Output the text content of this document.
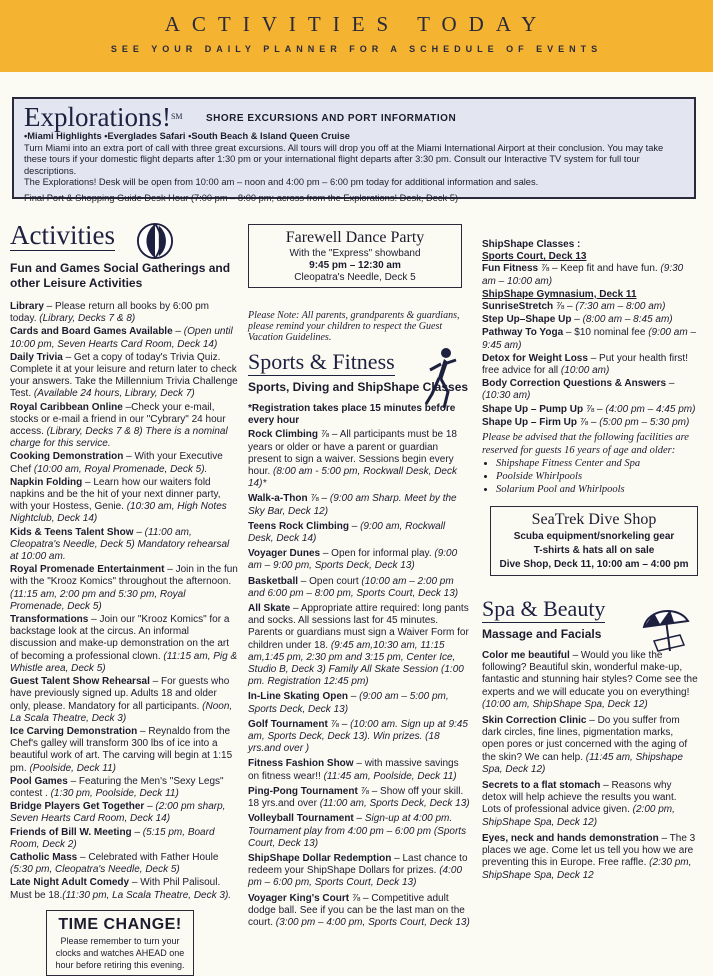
ACTIVITIES TODAY
SEE YOUR DAILY PLANNER FOR A SCHEDULE OF EVENTS
Explorations!℠	SHORE EXCURSIONS AND PORT INFORMATION

•Miami Highlights •Everglades Safari •South Beach & Island Queen Cruise

Turn Miami into an extra port of call with three great excursions. All tours will drop you off at the Miami International Airport at their conclusion. You may take these tours if your domestic flight departs after 1:30 pm or your international flight departs after 3:30 pm. Consult our Interactive TV system for full tour descriptions.

The Explorations! Desk will be open from 10:00 am – noon and 4:00 pm – 6:00 pm today for additional information and sales.

Final Port & Shopping Guide Desk Hour (7:00 pm – 8:00 pm; across from the Explorations! Desk, Deck 5)

Activities
Fun and Games Social Gatherings and other Leisure Activities
Library – Please return all books by 6:00 pm today. (Library, Decks 7 & 8)
Cards and Board Games Available – (Open until 10:00 pm, Seven Hearts Card Room, Deck 14)
Daily Trivia – Get a copy of today's Trivia Quiz. Complete it at your leisure and return later to check your answers. Take the Millennium Trivia Challenge Test. (Available 24 hours, Library, Deck 7)
Royal Caribbean Online –Check your e-mail, stocks or e-mail a friend in our "Cybrary" 24 hour access. (Library, Decks 7 & 8) There is a nominal charge for this service.
Cooking Demonstration – With your Executive Chef (10:00 am, Royal Promenade, Deck 5).
Napkin Folding – Learn how our waiters fold napkins and be the hit of your next dinner party, with your Hostess, Genie. (10:30 am, High Notes Nightclub, Deck 14)
Kids & Teens Talent Show – (11:00 am, Cleopatra's Needle, Deck 5) Mandatory rehearsal at 10:00 am.
Royal Promenade Entertainment – Join in the fun with the "Krooz Komics" throughout the afternoon. (11:15 am, 2:00 pm and 5:30 pm, Royal Promenade, Deck 5)
Transformations – Join our "Krooz Komics" for a backstage look at the circus. An informal discussion and make-up demonstration on the art of becoming a professional clown. (11:15 am, Pig & Whistle area, Deck 5)
Guest Talent Show Rehearsal – For guests who have previously signed up. Adults 18 and older only, please. Mandatory for all participants. (Noon, La Scala Theatre, Deck 3)
Ice Carving Demonstration – Reynaldo from the Chef's galley will transform 300 lbs of ice into a beautiful work of art. The carving will begin at 1:15 pm. (Poolside, Deck 11)
Pool Games – Featuring the Men's "Sexy Legs" contest . (1:30 pm, Poolside, Deck 11)
Bridge Players Get Together – (2:00 pm sharp, Seven Hearts Card Room, Deck 14)
Friends of Bill W. Meeting – (5:15 pm, Board Room, Deck 2)
Catholic Mass – Celebrated with Father Houle (5:30 pm, Cleopatra's Needle, Deck 5)
Late Night Adult Comedy – With Phil Palisoul. Must be 18.(11:30 pm, La Scala Theatre, Deck 3).
TIME CHANGE!
Please remember to turn your clocks and watches AHEAD one hour before retiring this evening.
Farewell Dance Party
With the "Express" showband
9:45 pm – 12:30 am
Cleopatra's Needle, Deck 5
Please Note: All parents, grandparents & guardians, please remind your children to respect the Guest Vacation Guidelines.
Sports & Fitness
Sports, Diving and ShipShape Classes
*Registration takes place 15 minutes before every hour
Rock Climbing ⅞ – All participants must be 18 years or older or have a parent or guardian present to sign a waiver. Sessions begin every hour. (8:00 am - 5:00 pm, Rockwall Desk, Deck 14)*
Walk-a-Thon ⅞ – (9:00 am Sharp. Meet by the Sky Bar, Deck 12)
Teens Rock Climbing – (9:00 am, Rockwall Desk, Deck 14)
Voyager Dunes – Open for informal play. (9:00 am – 9:00 pm, Sports Deck, Deck 13)
Basketball – Open court (10:00 am – 2:00 pm and 6:00 pm – 8:00 pm, Sports Court, Deck 13)
All Skate – Appropriate attire required: long pants and socks. All sessions last for 45 minutes. Parents or guardians must sign a Waiver Form for children under 18. (9:45 am,10:30 am, 11:15 am,1:45 pm, 2:30 pm and 3:15 pm, Center Ice, Studio B, Deck 3) Family All Skate Session (1:00 pm. Registration 12:45 pm)
In-Line Skating Open – (9:00 am – 5:00 pm, Sports Deck, Deck 13)
Golf Tournament ⅞ – (10:00 am. Sign up at 9:45 am, Sports Deck, Deck 13). Win prizes. (18 yrs.and over )
Fitness Fashion Show – with massive savings on fitness wear!! (11:45 am, Poolside, Deck 11)
Ping-Pong Tournament ⅞ – Show off your skill. 18 yrs.and over (11:00 am, Sports Deck, Deck 13)
Volleyball Tournament – Sign-up at 4:00 pm. Tournament play from 4:00 pm – 6:00 pm (Sports Court, Deck 13)
ShipShape Dollar Redemption – Last chance to redeem your ShipShape Dollars for prizes. (4:00 pm – 6:00 pm, Sports Court, Deck 13)
Voyager King's Court ⅞ – Competitive adult dodge ball. See if you can be the last man on the court. (3:00 pm – 4:00 pm, Sports Court, Deck 13)
ShipShape Classes :
Sports Court, Deck 13
Fun Fitness ⅞ – Keep fit and have fun. (9:30 am – 10:00 am)
ShipShape Gymnasium, Deck 11
SunriseStretch ⅞ – (7:30 am – 8:00 am)
Step Up–Shape Up – (8:00 am – 8:45 am)
Pathway To Yoga – $10 nominal fee (9:00 am – 9:45 am)
Detox for Weight Loss – Put your health first! free advice for all (10:00 am)
Body Correction Questions & Answers – (10:30 am)
Shape Up – Pump Up ⅞ – (4:00 pm – 4:45 pm)
Shape Up – Firm Up ⅞ – (5:00 pm – 5:30 pm)
Please be advised that the following facilities are reserved for guests 16 years of age and older:
• Shipshape Fitness Center and Spa
• Poolside Whirlpools
• Solarium Pool and Whirlpools
SeaTrek Dive Shop
Scuba equipment/snorkeling gear
T-shirts & hats all on sale
Dive Shop, Deck 11, 10:00 am – 4:00 pm
Spa & Beauty
Massage and Facials
Color me beautiful – Would you like the following? Beautiful skin, wonderful make-up, fantastic and stunning hair styles? Come see the experts and we will educate you on everything! (10:00 am, ShipShape Spa, Deck 12)
Skin Correction Clinic – Do you suffer from dark circles, fine lines, pigmentation marks, open pores or just concerned with the aging of the skin? We can help. (11:45 am, Shipshape Spa, Deck 12)
Secrets to a flat stomach – Reasons why detox will help achieve the results you want. Lots of professional advice given. (2:00 pm, ShipShape Spa, Deck 12)
Eyes, neck and hands demonstration – The 3 places we age. Come let us tell you how we are preventing this in Europe. Free raffle. (2:30 pm, ShipShape Spa, Deck 12
